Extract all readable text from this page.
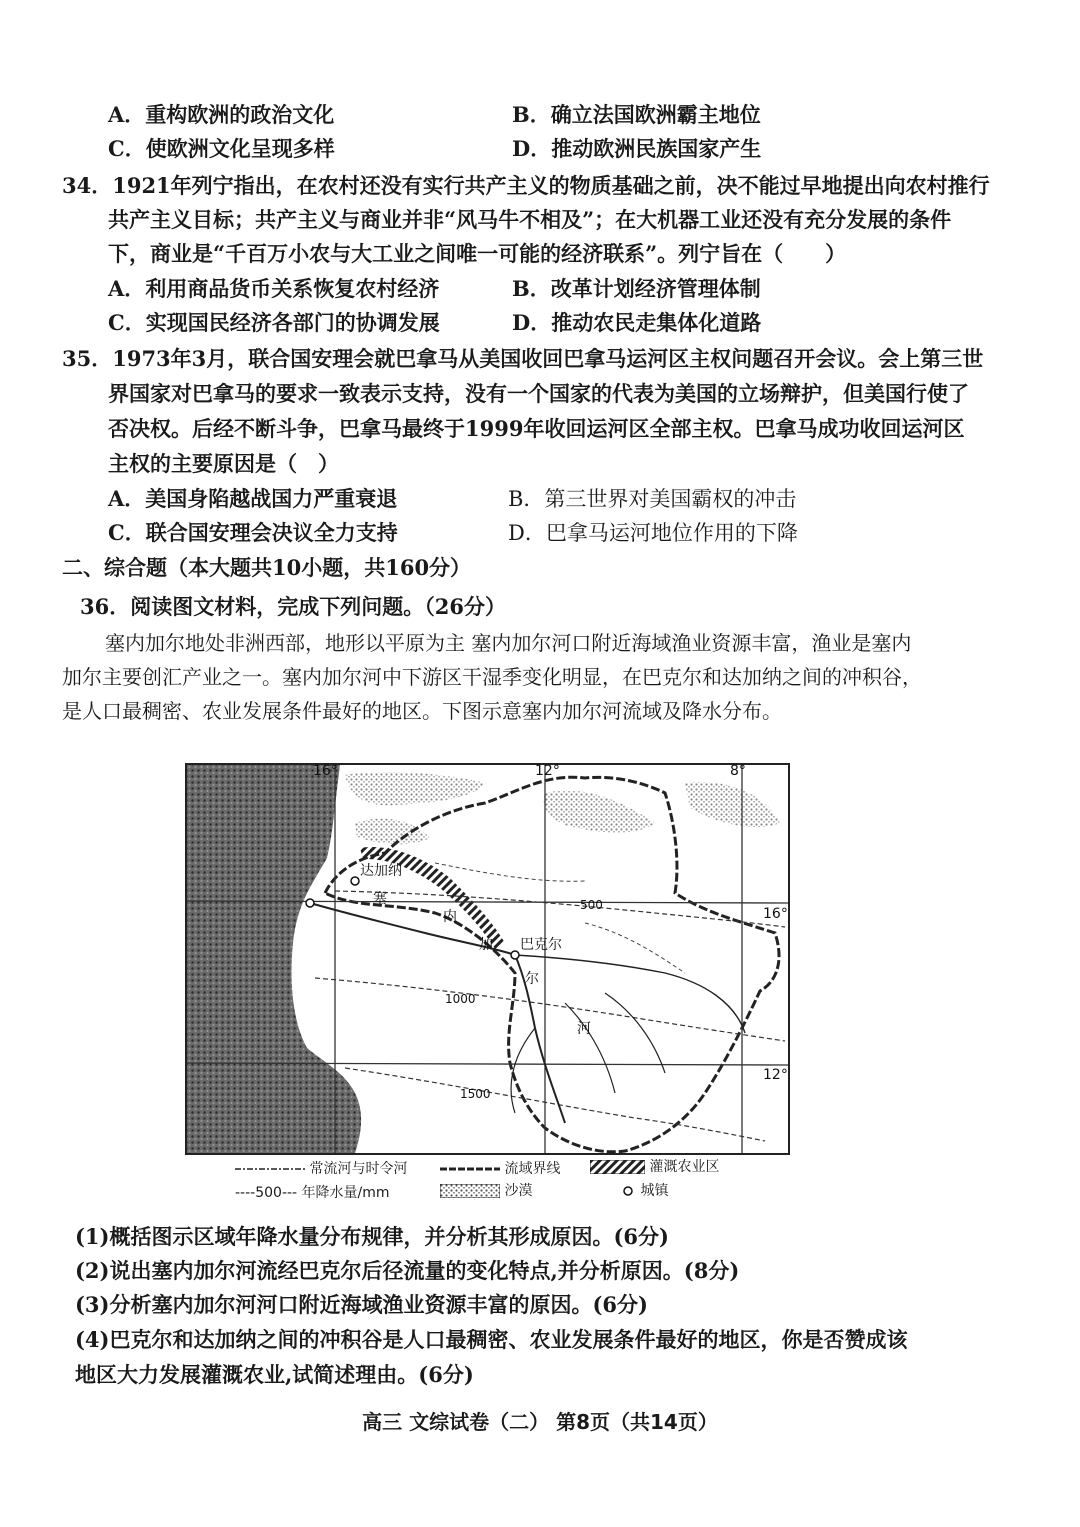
A．重构欧洲的政治文化	B．确立法国欧洲霸主地位
C．使欧洲文化呈现多样	D．推动欧洲民族国家产生
34．1921年列宁指出，在农村还没有实行共产主义的物质基础之前，决不能过早地提出向农村推行
共产主义目标；共产主义与商业并非“风马牛不相及”；在大机器工业还没有充分发展的条件
下，商业是“千百万小农与大工业之间唯一可能的经济联系”。列宁旨在（　　）
A．利用商品货币关系恢复农村经济	B．改革计划经济管理体制
C．实现国民经济各部门的协调发展	D．推动农民走集体化道路
35．1973年3月，联合国安理会就巴拿马从美国收回巴拿马运河区主权问题召开会议。会上第三世
界国家对巴拿马的要求一致表示支持，没有一个国家的代表为美国的立场辩护，但美国行使了
否决权。后经不断斗争，巴拿马最终于1999年收回运河区全部主权。巴拿马成功收回运河区
主权的主要原因是（　）
A．美国身陷越战国力严重衰退	B．第三世界对美国霸权的冲击
C．联合国安理会决议全力支持	D．巴拿马运河地位作用的下降
二、综合题（本大题共10小题，共160分）
36．阅读图文材料，完成下列问题。（26分）
塞内加尔地处非洲西部，地形以平原为主 塞内加尔河口附近海域渔业资源丰富，渔业是塞内
加尔主要创汇产业之一。塞内加尔河中下游区干湿季变化明显，在巴克尔和达加纳之间的冲积谷，
是人口最稠密、农业发展条件最好的地区。下图示意塞内加尔河流域及降水分布。
16°	12°	8°
16°
12°
500
1000
1500
达加纳
巴克尔
塞
内
加
尔
河
常流河与时令河	流域界线	灌溉农业区
----500--- 年降水量/mm	沙漠	城镇
(1)概括图示区域年降水量分布规律，并分析其形成原因。(6分)
(2)说出塞内加尔河流经巴克尔后径流量的变化特点,并分析原因。(8分)
(3)分析塞内加尔河河口附近海域渔业资源丰富的原因。(6分)
(4)巴克尔和达加纳之间的冲积谷是人口最稠密、农业发展条件最好的地区，你是否赞成该
地区大力发展灌溉农业,试简述理由。(6分)
高三 文综试卷（二） 第8页（共14页）
